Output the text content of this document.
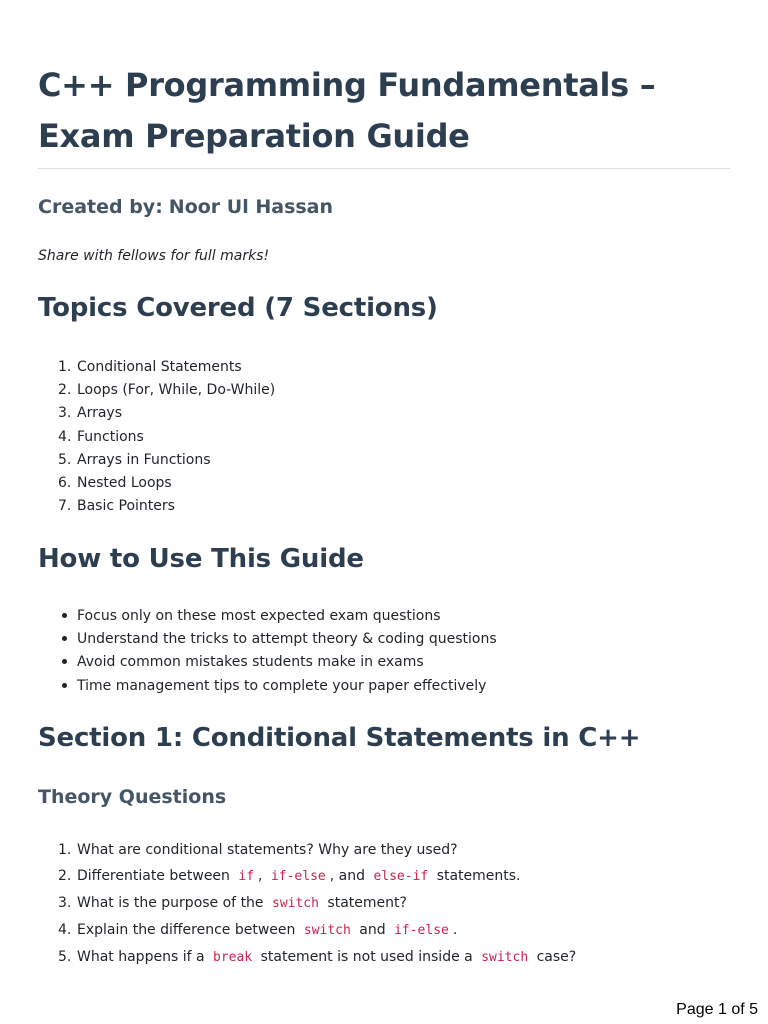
C++ Programming Fundamentals – Exam Preparation Guide
Created by: Noor Ul Hassan

Share with fellows for full marks!

Topics Covered (7 Sections)
1. Conditional Statements
2. Loops (For, While, Do-While)
3. Arrays
4. Functions
5. Arrays in Functions
6. Nested Loops
7. Basic Pointers
How to Use This Guide
Focus only on these most expected exam questions
Understand the tricks to attempt theory & coding questions
Avoid common mistakes students make in exams
Time management tips to complete your paper effectively
Section 1: Conditional Statements in C++
Theory Questions
1. What are conditional statements? Why are they used?
2. Differentiate between if , if-else , and else-if statements.
3. What is the purpose of the switch statement?
4. Explain the difference between switch and if-else .
5. What happens if a break statement is not used inside a switch case?
Page 1 of 5
